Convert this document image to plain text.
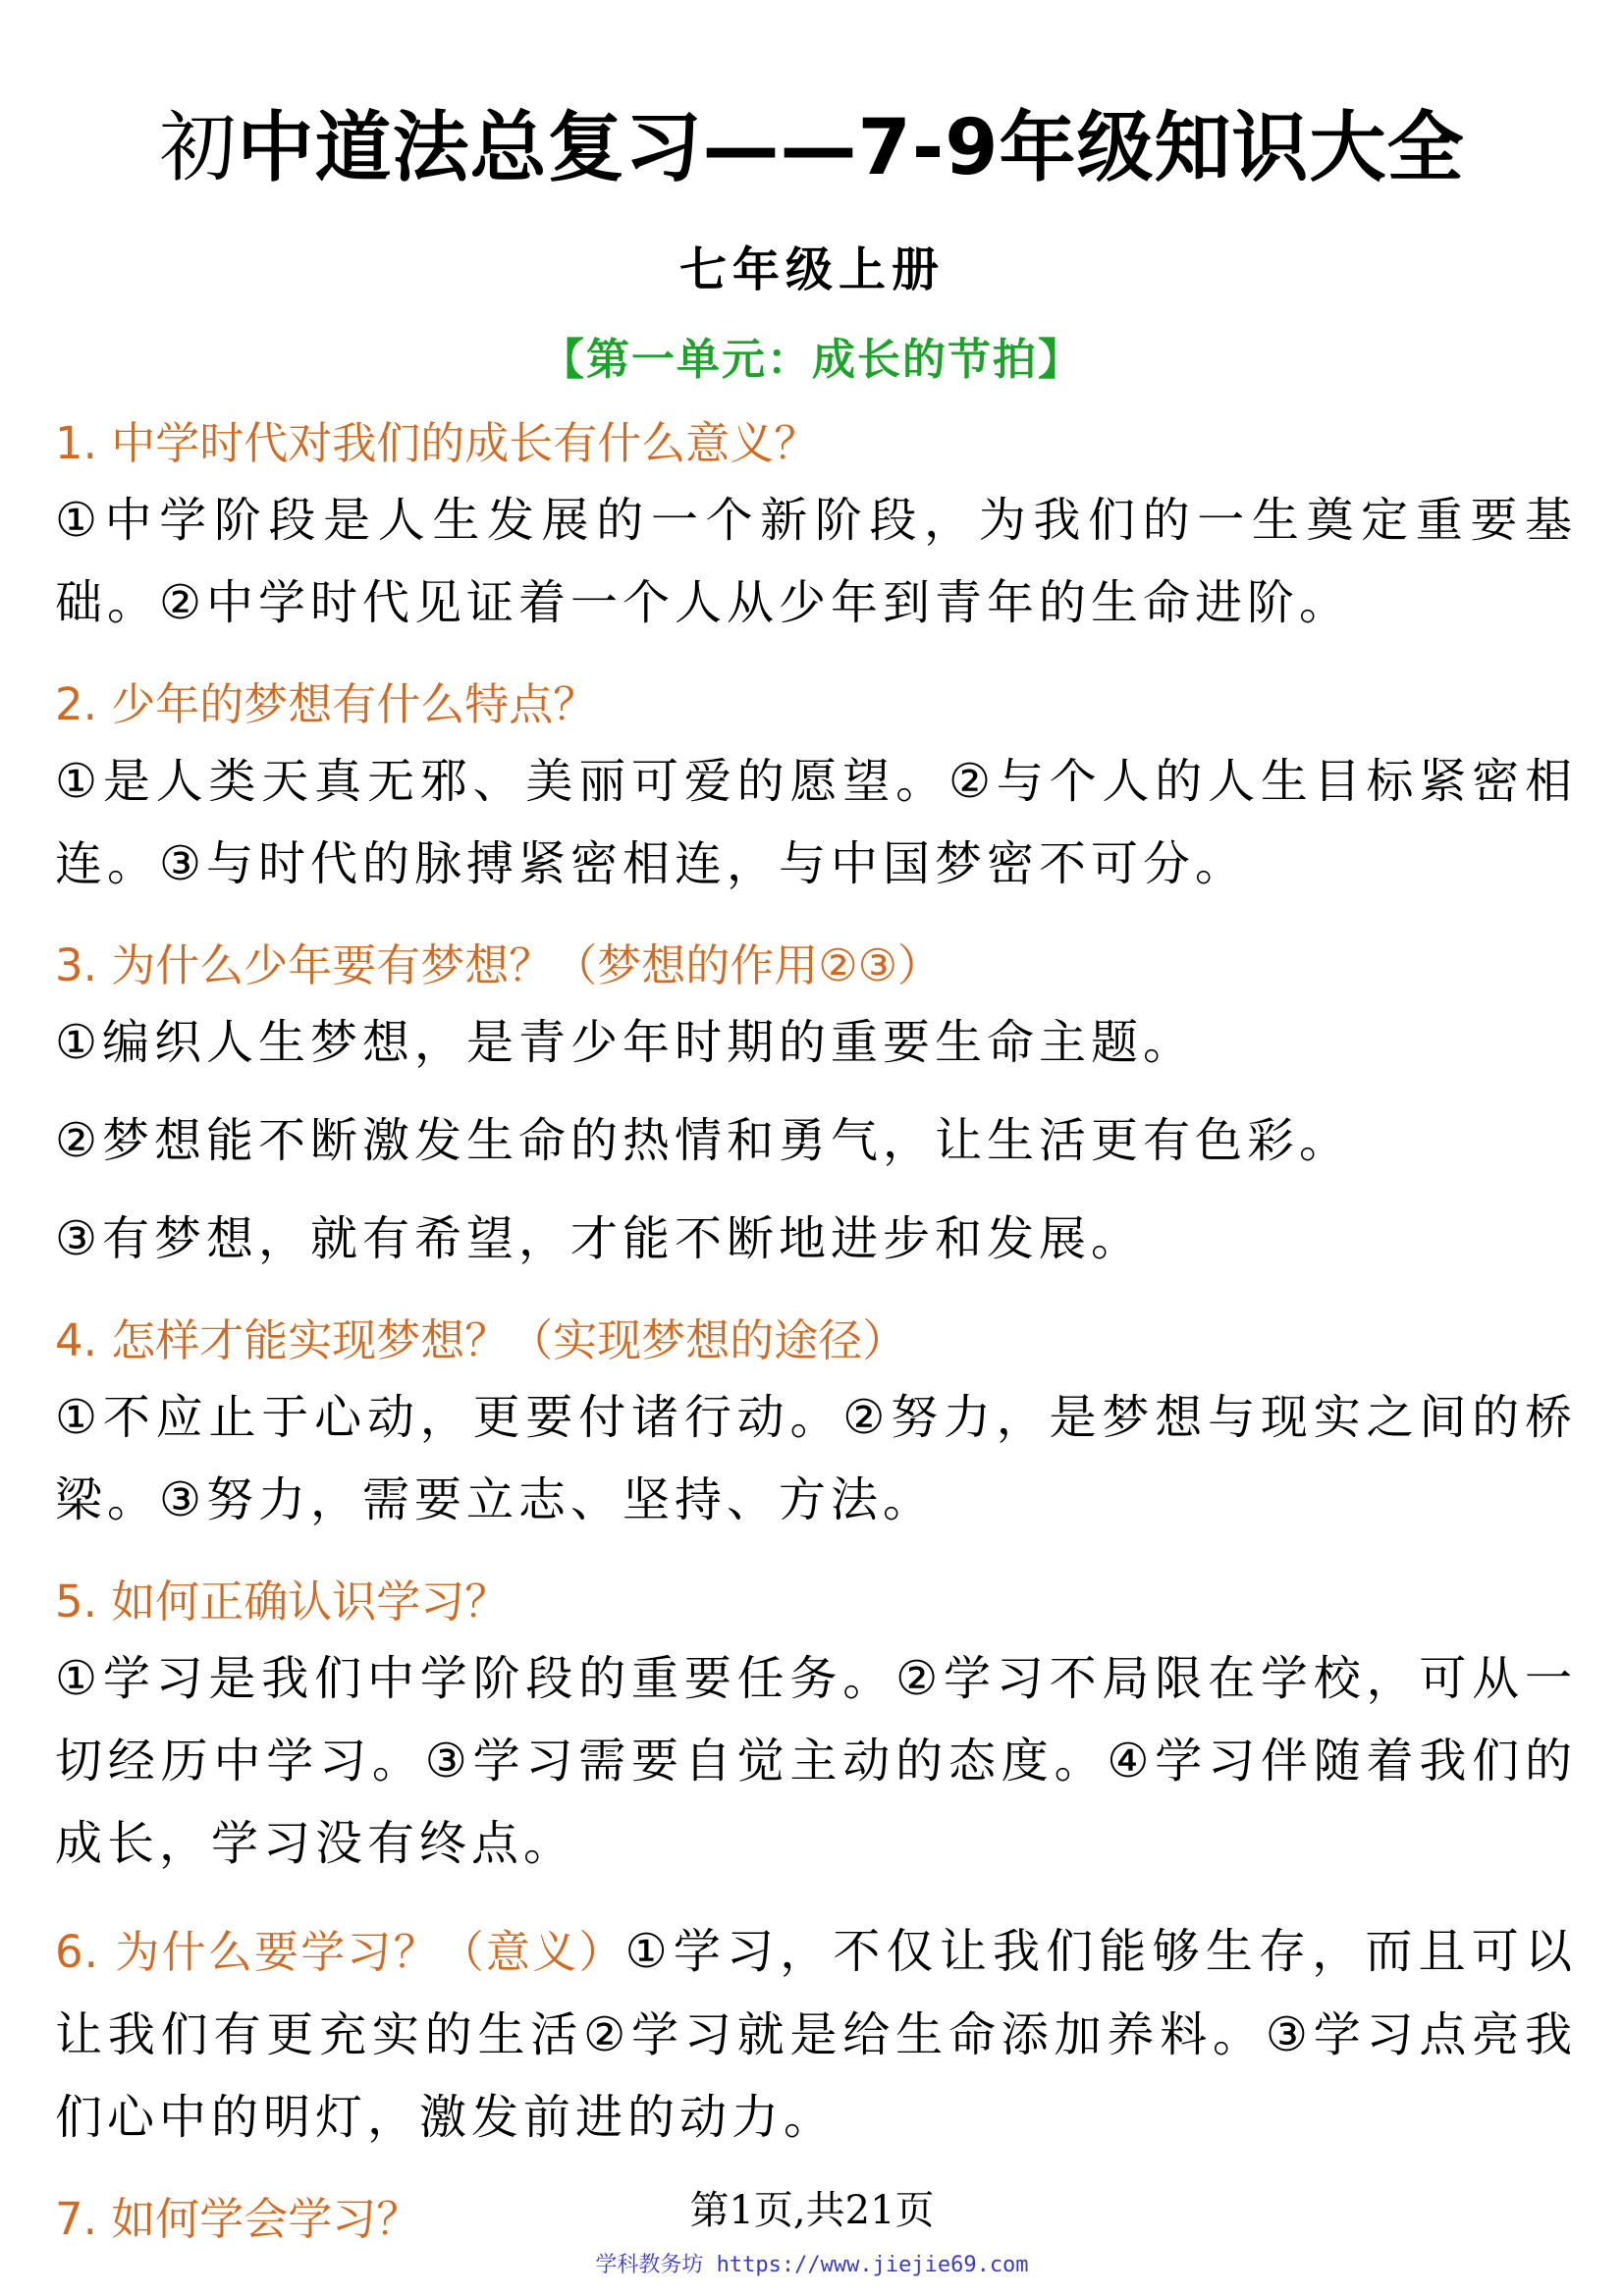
初中道法总复习——7-9年级知识大全
七年级上册
【第一单元：成长的节拍】

1. 中学时代对我们的成长有什么意义？

①中学阶段是人生发展的一个新阶段，为我们的一生奠定重要基础。②中学时代见证着一个人从少年到青年的生命进阶。

2. 少年的梦想有什么特点？

①是人类天真无邪、美丽可爱的愿望。②与个人的人生目标紧密相连。③与时代的脉搏紧密相连，与中国梦密不可分。

3. 为什么少年要有梦想？（梦想的作用②③）

①编织人生梦想，是青少年时期的重要生命主题。

②梦想能不断激发生命的热情和勇气，让生活更有色彩。

③有梦想，就有希望，才能不断地进步和发展。

4. 怎样才能实现梦想？（实现梦想的途径）

①不应止于心动，更要付诸行动。②努力，是梦想与现实之间的桥梁。③努力，需要立志、坚持、方法。

5. 如何正确认识学习？

①学习是我们中学阶段的重要任务。②学习不局限在学校，可从一切经历中学习。③学习需要自觉主动的态度。④学习伴随着我们的成长，学习没有终点。

6. 为什么要学习？（意义）①学习，不仅让我们能够生存，而且可以让我们有更充实的生活②学习就是给生命添加养料。③学习点亮我们心中的明灯，激发前进的动力。

7. 如何学会学习？	第1页,共21页
学科教务坊 https://www.jiejie69.com
